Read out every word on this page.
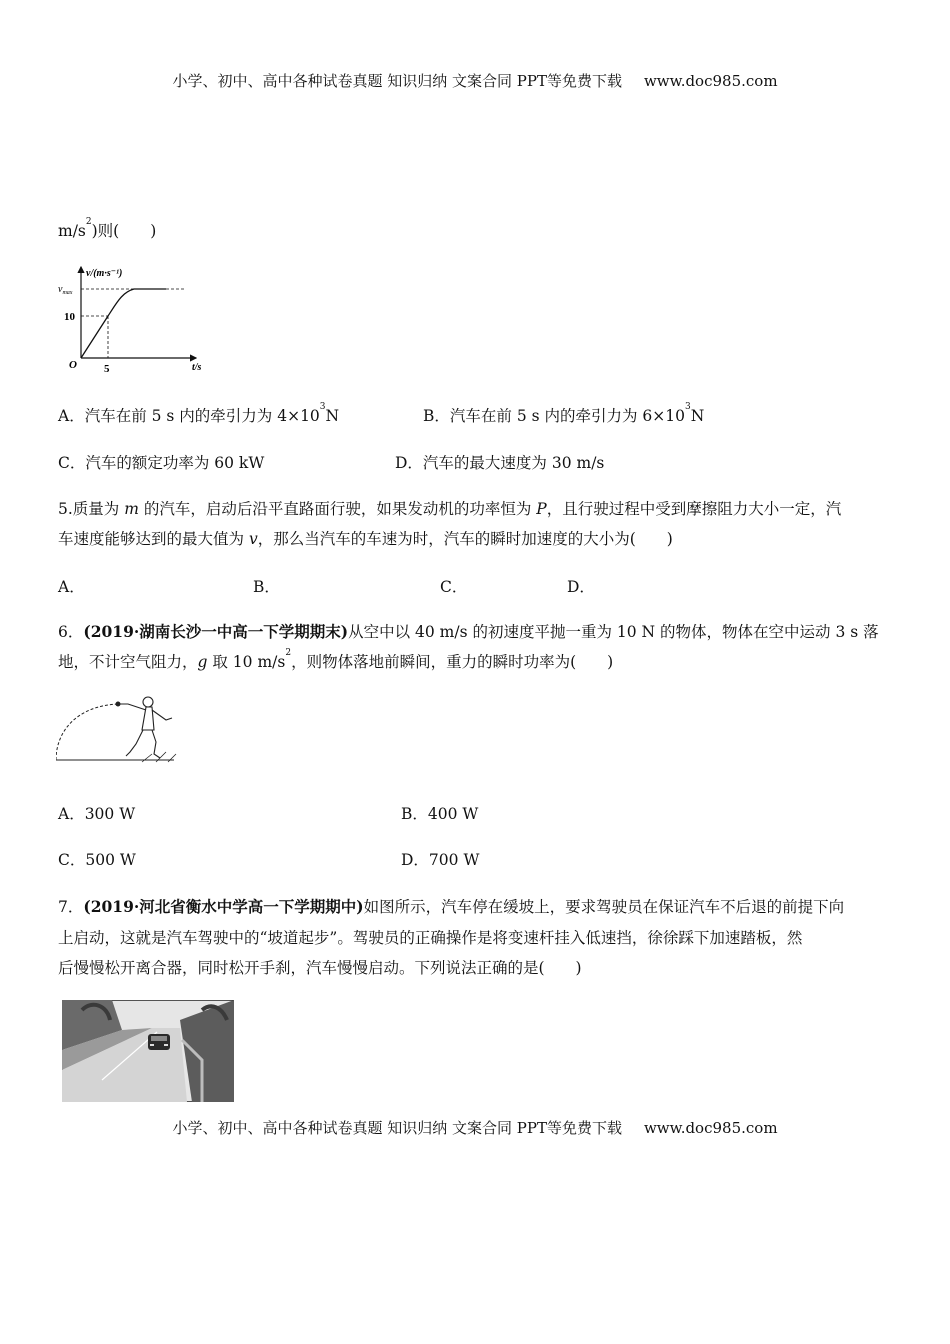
小学、初中、高中各种试卷真题 知识归纳 文案合同 PPT等免费下载 www.doc985.com
$m/s^2$)则(　　)
v/(m·s⁻¹)
$v_{max}$
10
O 5	t/s
A．汽车在前 5 s 内的牵引力为 $4\times 10^3N$	B．汽车在前 5 s 内的牵引力为 $6\times 10^3N$
C．汽车的额定功率为 60 kW	D．汽车的最大速度为 30 m/s
5.质量为 m 的汽车，启动后沿平直路面行驶，如果发动机的功率恒为 P，且行驶过程中受到摩擦阻力大小一定，汽
车速度能够达到的最大值为 v，那么当汽车的车速为时，汽车的瞬时加速度的大小为(　　)
A．	B．	C．	D．
6．(2019·湖南长沙一中高一下学期期末)从空中以 40 m/s 的初速度平抛一重为 10 N 的物体，物体在空中运动 3 s 落
地，不计空气阻力，g 取 10 $m/s^2$，则物体落地前瞬间，重力的瞬时功率为(　　)
A．300 W	B．400 W
C．500 W	D．700 W
7．(2019·河北省衡水中学高一下学期期中)如图所示，汽车停在缓坡上，要求驾驶员在保证汽车不后退的前提下向
上启动，这就是汽车驾驶中的“坡道起步”。驾驶员的正确操作是将变速杆挂入低速挡，徐徐踩下加速踏板，然
后慢慢松开离合器，同时松开手刹，汽车慢慢启动。下列说法正确的是(　　)
小学、初中、高中各种试卷真题 知识归纳 文案合同 PPT等免费下载 www.doc985.com
